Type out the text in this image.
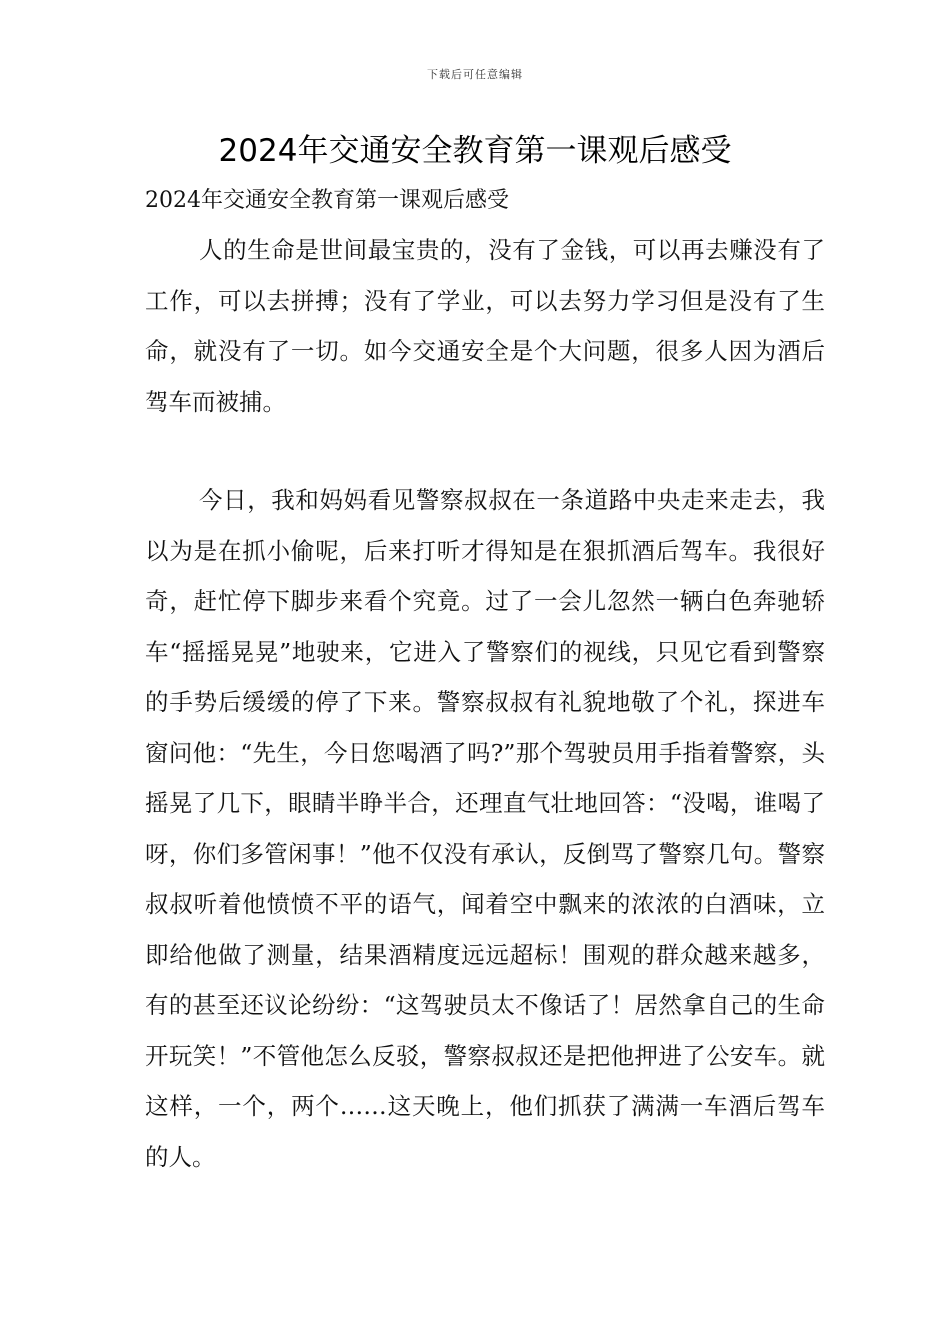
下载后可任意编辑
2024年交通安全教育第一课观后感受
2024年交通安全教育第一课观后感受

人的生命是世间最宝贵的，没有了金钱，可以再去赚没有了工作，可以去拼搏；没有了学业，可以去努力学习但是没有了生命，就没有了一切。如今交通安全是个大问题，很多人因为酒后驾车而被捕。

今日，我和妈妈看见警察叔叔在一条道路中央走来走去，我以为是在抓小偷呢，后来打听才得知是在狠抓酒后驾车。我很好奇，赶忙停下脚步来看个究竟。过了一会儿忽然一辆白色奔驰轿车“摇摇晃晃”地驶来，它进入了警察们的视线，只见它看到警察的手势后缓缓的停了下来。警察叔叔有礼貌地敬了个礼，探进车窗问他：“先生，今日您喝酒了吗?”那个驾驶员用手指着警察，头摇晃了几下，眼睛半睁半合，还理直气壮地回答：“没喝，谁喝了呀，你们多管闲事！”他不仅没有承认，反倒骂了警察几句。警察叔叔听着他愤愤不平的语气，闻着空中飘来的浓浓的白酒味，立即给他做了测量，结果酒精度远远超标！围观的群众越来越多，有的甚至还议论纷纷：“这驾驶员太不像话了！居然拿自己的生命开玩笑！”不管他怎么反驳，警察叔叔还是把他押进了公安车。就这样，一个，两个……这天晚上，他们抓获了满满一车酒后驾车的人。
